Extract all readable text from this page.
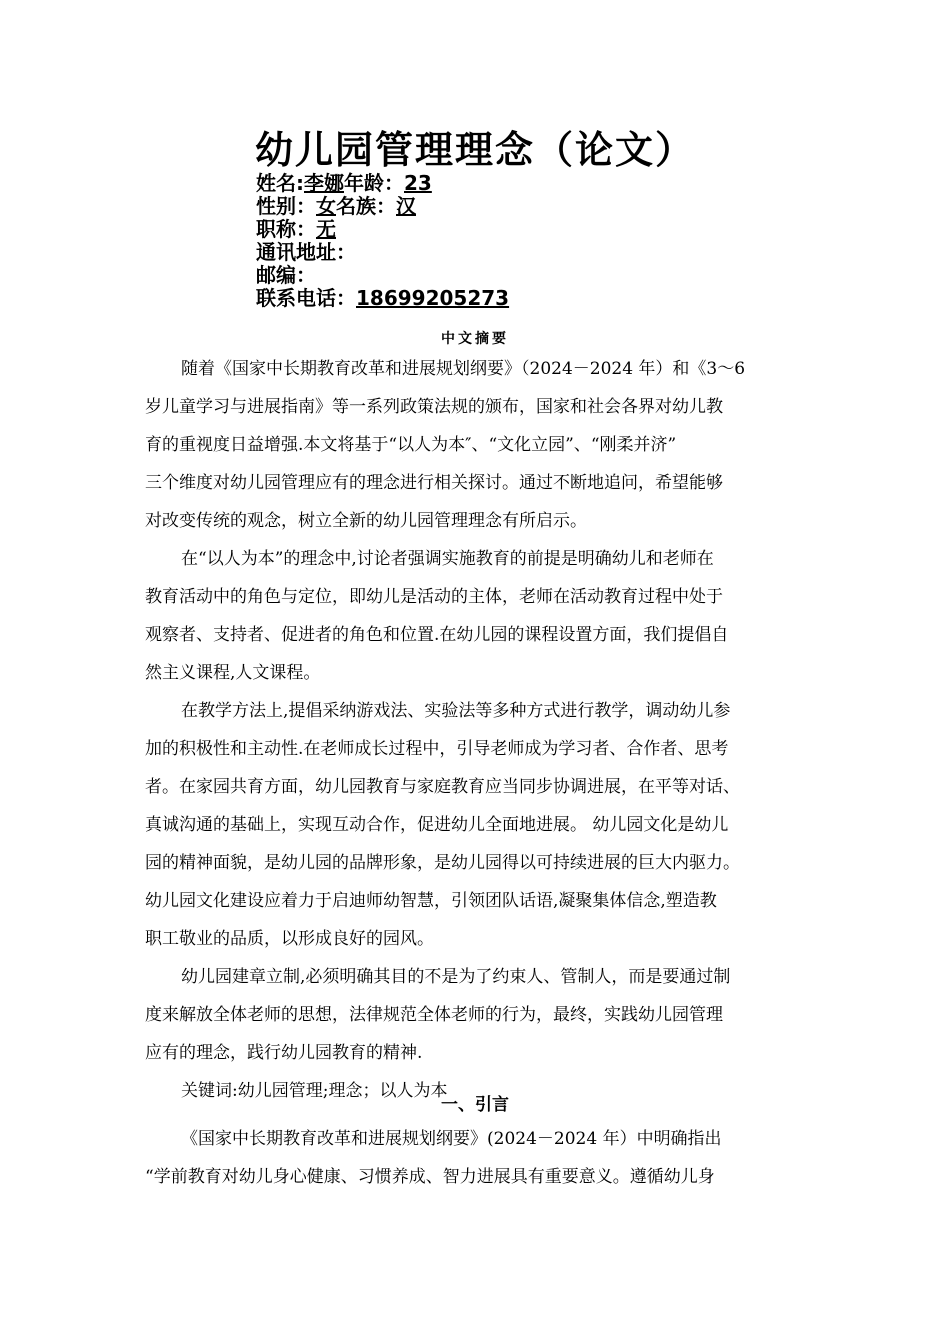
幼儿园管理理念（论文）
姓名:李娜年龄：23
性别：女名族：汉
职称：无
通讯地址：
邮编：
联系电话：18699205273
中文摘要
随着《国家中长期教育改革和进展规划纲要》（2024－2024 年）和《3～6
岁儿童学习与进展指南》等一系列政策法规的颁布，国家和社会各界对幼儿教
育的重视度日益增强.本文将基于“以人为本″、“文化立园”、“刚柔并济”
三个维度对幼儿园管理应有的理念进行相关探讨。通过不断地追问，希望能够
对改变传统的观念，树立全新的幼儿园管理理念有所启示。
在“以人为本”的理念中,讨论者强调实施教育的前提是明确幼儿和老师在
教育活动中的角色与定位，即幼儿是活动的主体，老师在活动教育过程中处于
观察者、支持者、促进者的角色和位置.在幼儿园的课程设置方面，我们提倡自
然主义课程,人文课程。
在教学方法上,提倡采纳游戏法、实验法等多种方式进行教学，调动幼儿参
加的积极性和主动性.在老师成长过程中，引导老师成为学习者、合作者、思考
者。在家园共育方面，幼儿园教育与家庭教育应当同步协调进展，在平等对话、
真诚沟通的基础上，实现互动合作，促进幼儿全面地进展。 幼儿园文化是幼儿
园的精神面貌，是幼儿园的品牌形象，是幼儿园得以可持续进展的巨大内驱力。
幼儿园文化建设应着力于启迪师幼智慧，引领团队话语,凝聚集体信念,塑造教
职工敬业的品质，以形成良好的园风。
幼儿园建章立制,必须明确其目的不是为了约束人、管制人，而是要通过制
度来解放全体老师的思想，法律规范全体老师的行为，最终，实践幼儿园管理
应有的理念，践行幼儿园教育的精神.
关键词:幼儿园管理;理念；以人为本
一、引言
《国家中长期教育改革和进展规划纲要》(2024－2024 年）中明确指出
“学前教育对幼儿身心健康、习惯养成、智力进展具有重要意义。遵循幼儿身
